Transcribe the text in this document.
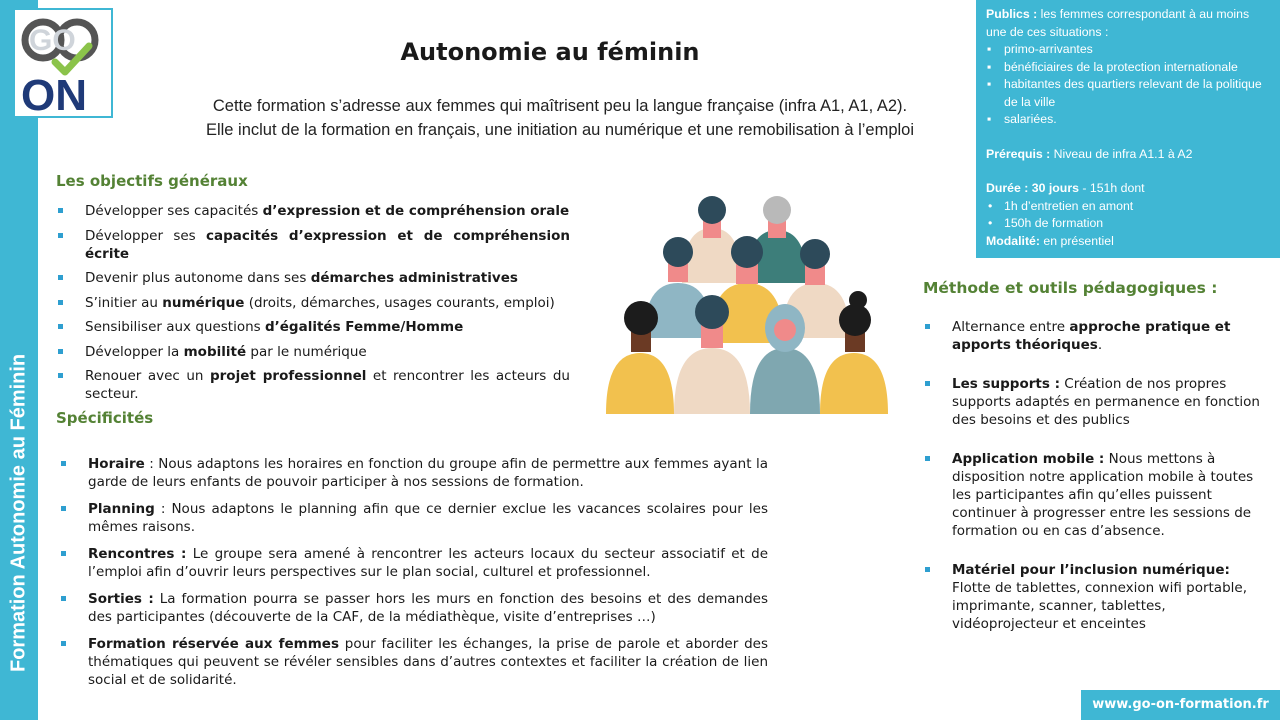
Formation Autonomie au Féminin
GO
ON
Autonomie au féminin
Cette formation s’adresse aux femmes qui maîtrisent peu la langue française (infra A1, A1, A2).
Elle inclut de la formation en français, une initiation au numérique et une remobilisation à l’emploi
Les objectifs généraux
Développer ses capacités d’expression et de compréhension orale
Développer ses capacités d’expression et de compréhension écrite
Devenir plus autonome dans ses démarches administratives
S’initier au numérique (droits, démarches, usages courants, emploi)
Sensibiliser aux questions d’égalités Femme/Homme
Développer la mobilité par le numérique
Renouer avec un projet professionnel et rencontrer les acteurs du secteur.
Spécificités
Horaire : Nous adaptons les horaires en fonction du groupe afin de permettre aux femmes ayant la garde de leurs enfants de pouvoir participer à nos sessions de formation.
Planning : Nous adaptons le planning afin que ce dernier exclue les vacances scolaires pour les mêmes raisons.
Rencontres : Le groupe sera amené à rencontrer les acteurs locaux du secteur associatif et de l’emploi afin d’ouvrir leurs perspectives sur le plan social, culturel et professionnel.
Sorties : La formation pourra se passer hors les murs en fonction des besoins et des demandes des participantes (découverte de la CAF, de la médiathèque, visite d’entreprises …)
Formation réservée aux femmes pour faciliter les échanges, la prise de parole et aborder des thématiques qui peuvent se révéler sensibles dans d’autres contextes et faciliter la création de lien social et de solidarité.
Publics : les femmes correspondant à au moins une de ces situations :
▪ primo-arrivantes
▪ bénéficiaires de la protection internationale
▪ habitantes des quartiers relevant de la politique de la ville
▪ salariées.
Prérequis : Niveau de infra A1.1 à A2
Durée : 30 jours - 151h dont
• 1h d’entretien en amont
• 150h de formation
Modalité: en présentiel
Méthode et outils pédagogiques :
Alternance entre approche pratique et apports théoriques.
Les supports : Création de nos propres supports adaptés en permanence en fonction des besoins et des publics
Application mobile : Nous mettons à disposition notre application mobile à toutes les participantes afin qu’elles puissent continuer à progresser entre les sessions de formation ou en cas d’absence.
Matériel pour l’inclusion numérique: Flotte de tablettes, connexion wifi portable, imprimante, scanner, tablettes, vidéoprojecteur et enceintes
www.go-on-formation.fr
